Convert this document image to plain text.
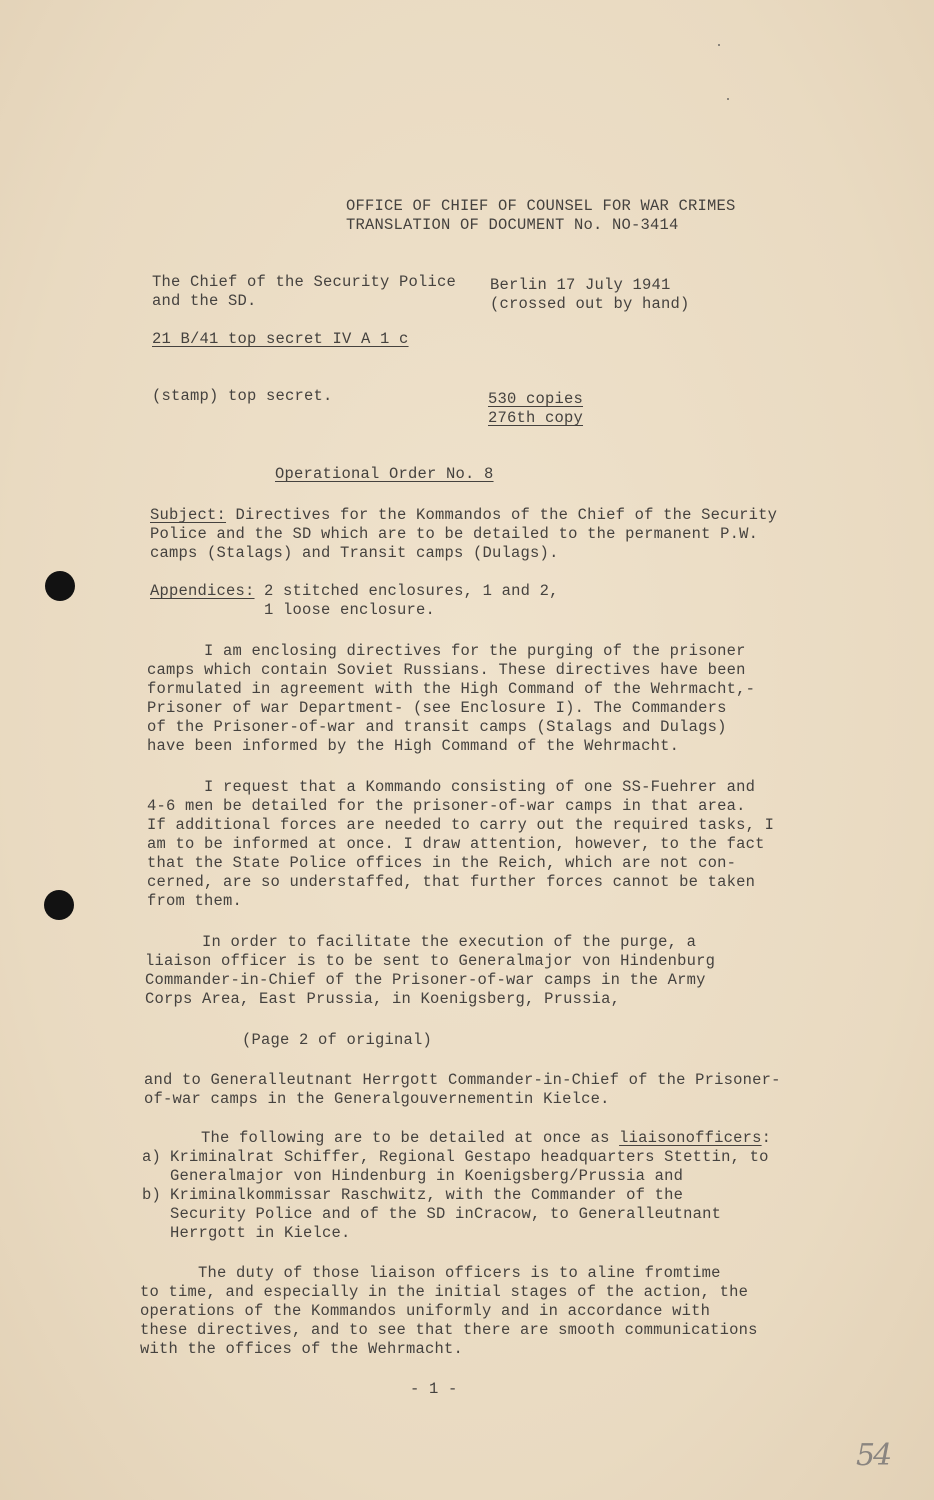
OFFICE OF CHIEF OF COUNSEL FOR WAR CRIMES
TRANSLATION OF DOCUMENT No. NO-3414
The Chief of the Security Police
and the SD.
Berlin 17 July 1941
(crossed out by hand)
21 B/41 top secret IV A 1 c
(stamp) top secret.	530 copies
276th copy
Operational Order No. 8
Subject: Directives for the Kommandos of the Chief of the Security
Police and the SD which are to be detailed to the permanent P.W.
camps (Stalags) and Transit camps (Dulags).
Appendices: 2 stitched enclosures, 1 and 2,
1 loose enclosure.
I am enclosing directives for the purging of the prisoner
camps which contain Soviet Russians. These directives have been
formulated in agreement with the High Command of the Wehrmacht,-
Prisoner of war Department- (see Enclosure I). The Commanders
of the Prisoner-of-war and transit camps (Stalags and Dulags)
have been informed by the High Command of the Wehrmacht.
I request that a Kommando consisting of one SS-Fuehrer and
4-6 men be detailed for the prisoner-of-war camps in that area.
If additional forces are needed to carry out the required tasks, I
am to be informed at once. I draw attention, however, to the fact
that the State Police offices in the Reich, which are not con-
cerned, are so understaffed, that further forces cannot be taken
from them.
In order to facilitate the execution of the purge, a
liaison officer is to be sent to Generalmajor von Hindenburg
Commander-in-Chief of the Prisoner-of-war camps in the Army
Corps Area, East Prussia, in Koenigsberg, Prussia,
(Page 2 of original)
and to Generalleutnant Herrgott Commander-in-Chief of the Prisoner-
of-war camps in the Generalgouvernementin Kielce.
The following are to be detailed at once as liaisonofficers:
a) Kriminalrat Schiffer, Regional Gestapo headquarters Stettin, to
Generalmajor von Hindenburg in Koenigsberg/Prussia and
b) Kriminalkommissar Raschwitz, with the Commander of the
Security Police and of the SD inCracow, to Generalleutnant
Herrgott in Kielce.
The duty of those liaison officers is to aline fromtime
to time, and especially in the initial stages of the action, the
operations of the Kommandos uniformly and in accordance with
these directives, and to see that there are smooth communications
with the offices of the Wehrmacht.
- 1 -
54
